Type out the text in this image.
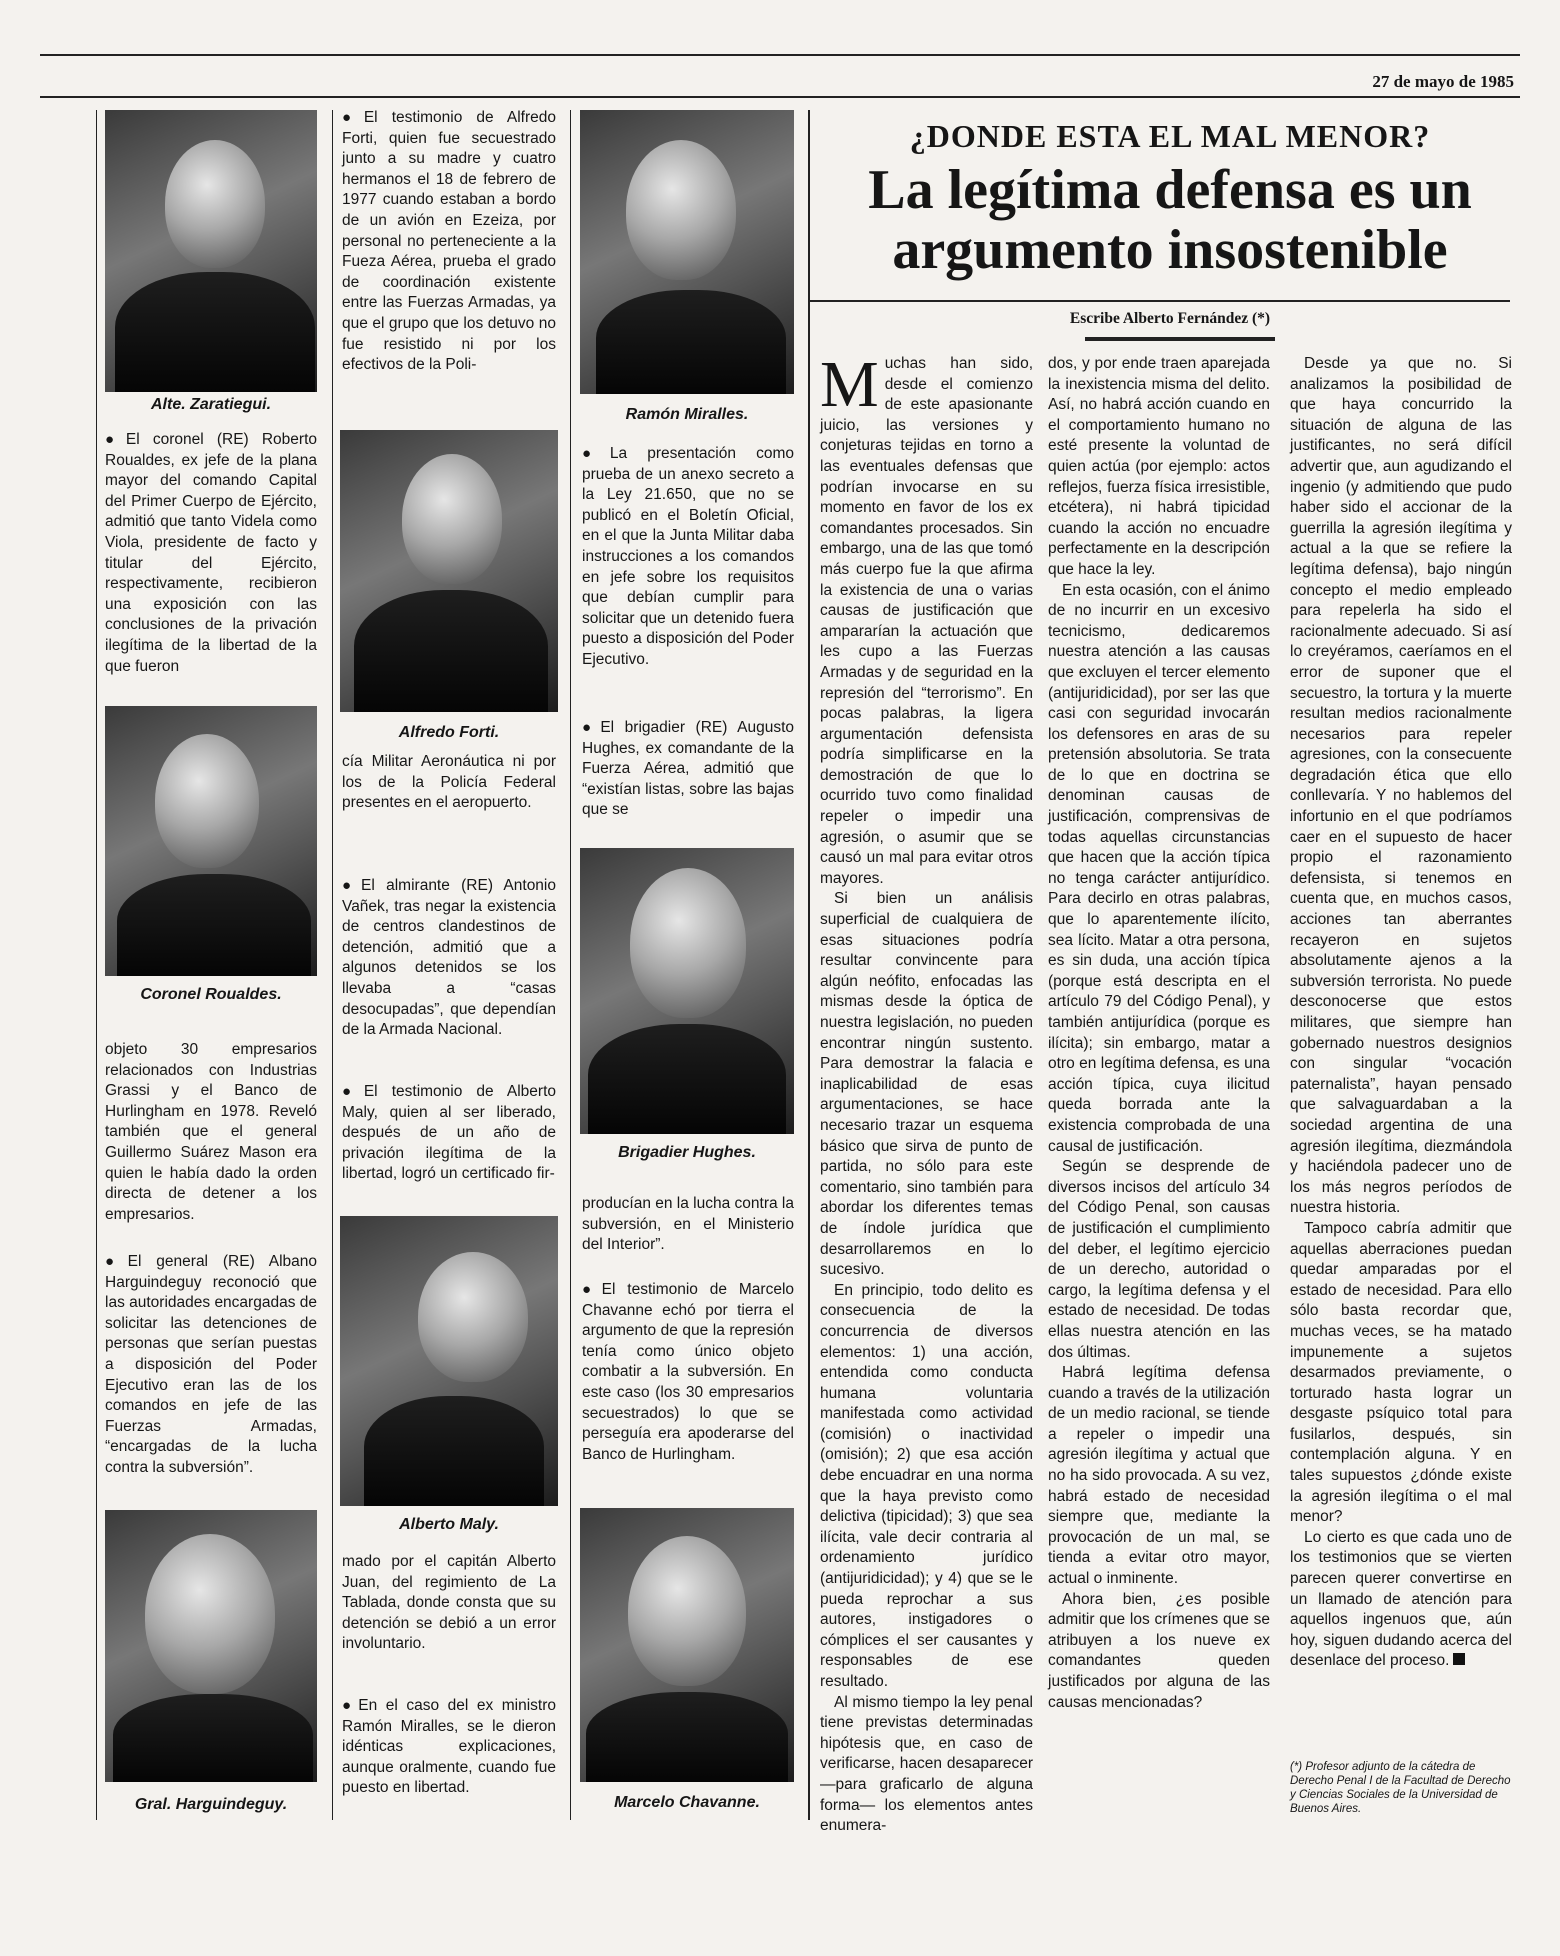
27 de mayo de 1985
Alte. Zaratiegui.

● El coronel (RE) Roberto Roualdes, ex jefe de la plana mayor del comando Capital del Primer Cuerpo de Ejército, admitió que tanto Videla como Viola, presidente de facto y titular del Ejército, respectivamente, recibieron una exposición con las conclusiones de la privación ilegítima de la libertad de la que fueron

Coronel Roualdes.

objeto 30 empresarios relacionados con Industrias Grassi y el Banco de Hurlingham en 1978. Reveló también que el general Guillermo Suárez Mason era quien le había dado la orden directa de detener a los empresarios.

● El general (RE) Albano Harguindeguy reconoció que las autoridades encargadas de solicitar las detenciones de personas que serían puestas a disposición del Poder Ejecutivo eran las de los comandos en jefe de las Fuerzas Armadas, “encargadas de la lucha contra la subversión”.

Gral. Harguindeguy.

● El testimonio de Alfredo Forti, quien fue secuestrado junto a su madre y cuatro hermanos el 18 de febrero de 1977 cuando estaban a bordo de un avión en Ezeiza, por personal no perteneciente a la Fueza Aérea, prueba el grado de coordinación existente entre las Fuerzas Armadas, ya que el grupo que los detuvo no fue resistido ni por los efectivos de la Poli-

Alfredo Forti.

cía Militar Aeronáutica ni por los de la Policía Federal presentes en el aeropuerto.

● El almirante (RE) Antonio Vañek, tras negar la existencia de centros clandestinos de detención, admitió que a algunos detenidos se los llevaba a “casas desocupadas”, que dependían de la Armada Nacional.

● El testimonio de Alberto Maly, quien al ser liberado, después de un año de privación ilegítima de la libertad, logró un certificado fir-

Alberto Maly.

mado por el capitán Alberto Juan, del regimiento de La Tablada, donde consta que su detención se debió a un error involuntario.

● En el caso del ex ministro Ramón Miralles, se le dieron idénticas explicaciones, aunque oralmente, cuando fue puesto en libertad.

Ramón Miralles.

● La presentación como prueba de un anexo secreto a la Ley 21.650, que no se publicó en el Boletín Oficial, en el que la Junta Militar daba instrucciones a los comandos en jefe sobre los requisitos que debían cumplir para solicitar que un detenido fuera puesto a disposición del Poder Ejecutivo.

● El brigadier (RE) Augusto Hughes, ex comandante de la Fuerza Aérea, admitió que “existían listas, sobre las bajas que se

Brigadier Hughes.

producían en la lucha contra la subversión, en el Ministerio del Interior”.

● El testimonio de Marcelo Chavanne echó por tierra el argumento de que la represión tenía como único objeto combatir a la subversión. En este caso (los 30 empresarios secuestrados) lo que se perseguía era apoderarse del Banco de Hurlingham.

Marcelo Chavanne.
¿DONDE ESTA EL MAL MENOR?
La legítima defensa es un argumento insostenible
Escribe Alberto Fernández (*)

Muchas han sido, desde el comienzo de este apasionante juicio, las versiones y conjeturas tejidas en torno a las eventuales defensas que podrían invocarse en su momento en favor de los ex comandantes procesados. Sin embargo, una de las que tomó más cuerpo fue la que afirma la existencia de una o varias causas de justificación que ampararían la actuación que les cupo a las Fuerzas Armadas y de seguridad en la represión del “terrorismo”. En pocas palabras, la ligera argumentación defensista podría simplificarse en la demostración de que lo ocurrido tuvo como finalidad repeler o impedir una agresión, o asumir que se causó un mal para evitar otros mayores.

Si bien un análisis superficial de cualquiera de esas situaciones podría resultar convincente para algún neófito, enfocadas las mismas desde la óptica de nuestra legislación, no pueden encontrar ningún sustento. Para demostrar la falacia e inaplicabilidad de esas argumentaciones, se hace necesario trazar un esquema básico que sirva de punto de partida, no sólo para este comentario, sino también para abordar los diferentes temas de índole jurídica que desarrollaremos en lo sucesivo.

En principio, todo delito es consecuencia de la concurrencia de diversos elementos: 1) una acción, entendida como conducta humana voluntaria manifestada como actividad (comisión) o inactividad (omisión); 2) que esa acción debe encuadrar en una norma que la haya previsto como delictiva (tipicidad); 3) que sea ilícita, vale decir contraria al ordenamiento jurídico (antijuridicidad); y 4) que se le pueda reprochar a sus autores, instigadores o cómplices el ser causantes y responsables de ese resultado.

Al mismo tiempo la ley penal tiene previstas determinadas hipótesis que, en caso de verificarse, hacen desaparecer —para graficarlo de alguna forma— los elementos antes enumera-

dos, y por ende traen aparejada la inexistencia misma del delito. Así, no habrá acción cuando en el comportamiento humano no esté presente la voluntad de quien actúa (por ejemplo: actos reflejos, fuerza física irresistible, etcétera), ni habrá tipicidad cuando la acción no encuadre perfectamente en la descripción que hace la ley.

En esta ocasión, con el ánimo de no incurrir en un excesivo tecnicismo, dedicaremos nuestra atención a las causas que excluyen el tercer elemento (antijuridicidad), por ser las que casi con seguridad invocarán los defensores en aras de su pretensión absolutoria. Se trata de lo que en doctrina se denominan causas de justificación, comprensivas de todas aquellas circunstancias que hacen que la acción típica no tenga carácter antijurídico. Para decirlo en otras palabras, que lo aparentemente ilícito, sea lícito. Matar a otra persona, es sin duda, una acción típica (porque está descripta en el artículo 79 del Código Penal), y también antijurídica (porque es ilícita); sin embargo, matar a otro en legítima defensa, es una acción típica, cuya ilicitud queda borrada ante la existencia comprobada de una causal de justificación.

Según se desprende de diversos incisos del artículo 34 del Código Penal, son causas de justificación el cumplimiento del deber, el legítimo ejercicio de un derecho, autoridad o cargo, la legítima defensa y el estado de necesidad. De todas ellas nuestra atención en las dos últimas.

Habrá legítima defensa cuando a través de la utilización de un medio racional, se tiende a repeler o impedir una agresión ilegítima y actual que no ha sido provocada. A su vez, habrá estado de necesidad siempre que, mediante la provocación de un mal, se tienda a evitar otro mayor, actual o inminente.

Ahora bien, ¿es posible admitir que los crímenes que se atribuyen a los nueve ex comandantes queden justificados por alguna de las causas mencionadas?

Desde ya que no. Si analizamos la posibilidad de que haya concurrido la situación de alguna de las justificantes, no será difícil advertir que, aun agudizando el ingenio (y admitiendo que pudo haber sido el accionar de la guerrilla la agresión ilegítima y actual a la que se refiere la legítima defensa), bajo ningún concepto el medio empleado para repelerla ha sido el racionalmente adecuado. Si así lo creyéramos, caeríamos en el error de suponer que el secuestro, la tortura y la muerte resultan medios racionalmente necesarios para repeler agresiones, con la consecuente degradación ética que ello conllevaría. Y no hablemos del infortunio en el que podríamos caer en el supuesto de hacer propio el razonamiento defensista, si tenemos en cuenta que, en muchos casos, acciones tan aberrantes recayeron en sujetos absolutamente ajenos a la subversión terrorista. No puede desconocerse que estos militares, que siempre han gobernado nuestros designios con singular “vocación paternalista”, hayan pensado que salvaguardaban a la sociedad argentina de una agresión ilegítima, diezmándola y haciéndola padecer uno de los más negros períodos de nuestra historia.

Tampoco cabría admitir que aquellas aberraciones puedan quedar amparadas por el estado de necesidad. Para ello sólo basta recordar que, muchas veces, se ha matado impunemente a sujetos desarmados previamente, o torturado hasta lograr un desgaste psíquico total para fusilarlos, después, sin contemplación alguna. Y en tales supuestos ¿dónde existe la agresión ilegítima o el mal menor?

Lo cierto es que cada uno de los testimonios que se vierten parecen querer convertirse en un llamado de atención para aquellos ingenuos que, aún hoy, siguen dudando acerca del desenlace del proceso.

(*) Profesor adjunto de la cátedra de Derecho Penal I de la Facultad de Derecho y Ciencias Sociales de la Universidad de Buenos Aires.
